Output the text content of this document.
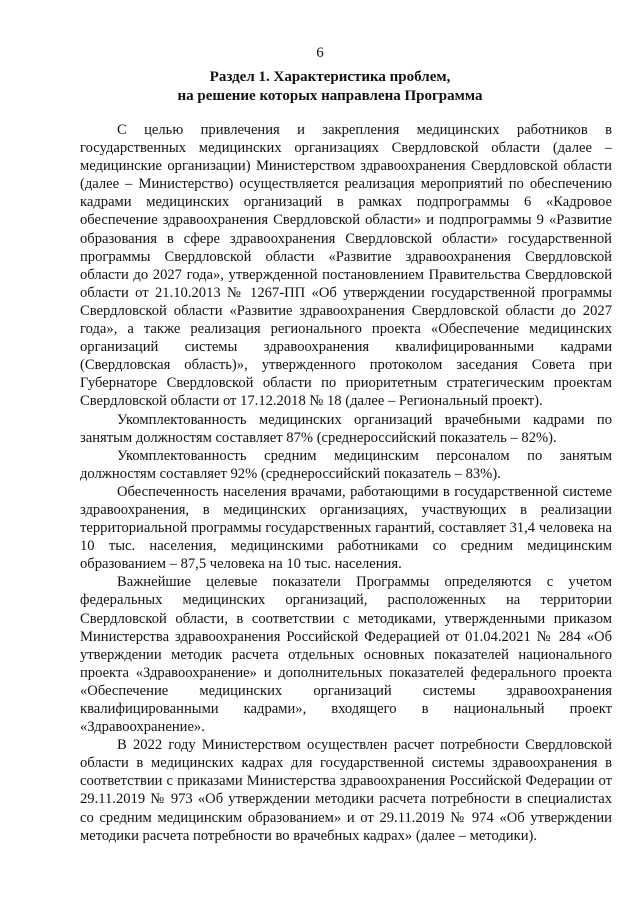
6
Раздел 1. Характеристика проблем,
на решение которых направлена Программа

С целью привлечения и закрепления медицинских работников в государственных медицинских организациях Свердловской области (далее – медицинские организации) Министерством здравоохранения Свердловской области (далее – Министерство) осуществляется реализация мероприятий по обеспечению кадрами медицинских организаций в рамках подпрограммы 6 «Кадровое обеспечение здравоохранения Свердловской области» и подпрограммы 9 «Развитие образования в сфере здравоохранения Свердловской области» государственной программы Свердловской области «Развитие здравоохранения Свердловской области до 2027 года», утвержденной постановлением Правительства Свердловской области от 21.10.2013 № 1267-ПП «Об утверждении государственной программы Свердловской области «Развитие здравоохранения Свердловской области до 2027 года», а также реализация регионального проекта «Обеспечение медицинских организаций системы здравоохранения квалифицированными кадрами (Свердловская область)», утвержденного протоколом заседания Совета при Губернаторе Свердловской области по приоритетным стратегическим проектам Свердловской области от 17.12.2018 № 18 (далее – Региональный проект).

Укомплектованность медицинских организаций врачебными кадрами по занятым должностям составляет 87% (среднероссийский показатель – 82%).

Укомплектованность средним медицинским персоналом по занятым должностям составляет 92% (среднероссийский показатель – 83%).

Обеспеченность населения врачами, работающими в государственной системе здравоохранения, в медицинских организациях, участвующих в реализации территориальной программы государственных гарантий, составляет 31,4 человека на 10 тыс. населения, медицинскими работниками со средним медицинским образованием – 87,5 человека на 10 тыс. населения.

Важнейшие целевые показатели Программы определяются с учетом федеральных медицинских организаций, расположенных на территории Свердловской области, в соответствии с методиками, утвержденными приказом Министерства здравоохранения Российской Федерацией от 01.04.2021 № 284 «Об утверждении методик расчета отдельных основных показателей национального проекта «Здравоохранение» и дополнительных показателей федерального проекта «Обеспечение медицинских организаций системы здравоохранения квалифицированными кадрами», входящего в национальный проект «Здравоохранение».

В 2022 году Министерством осуществлен расчет потребности Свердловской области в медицинских кадрах для государственной системы здравоохранения в соответствии с приказами Министерства здравоохранения Российской Федерации от 29.11.2019 № 973 «Об утверждении методики расчета потребности в специалистах со средним медицинским образованием» и от 29.11.2019 № 974 «Об утверждении методики расчета потребности во врачебных кадрах» (далее – методики).
